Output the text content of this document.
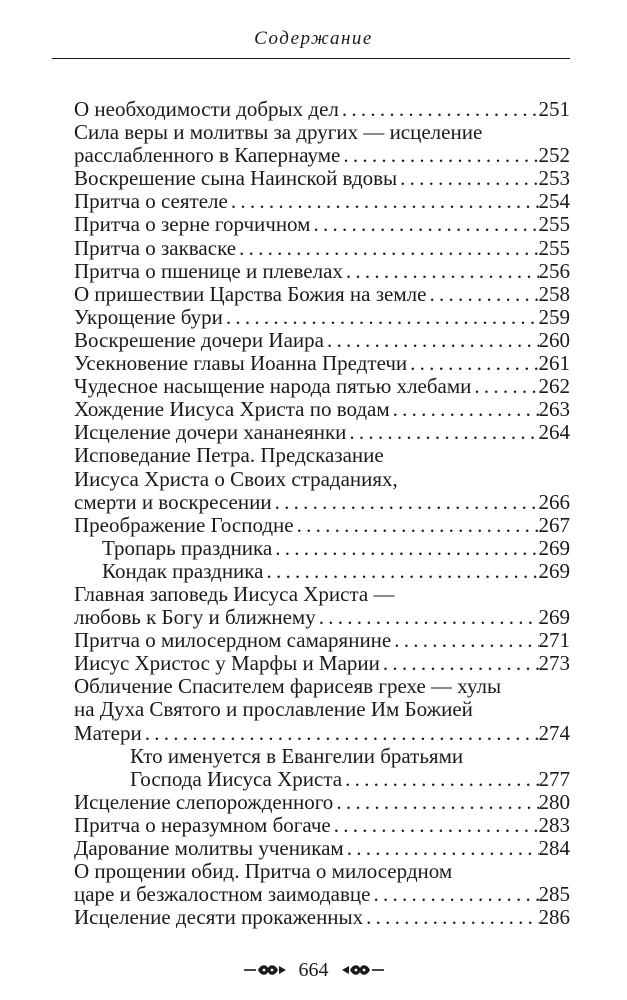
Содержание
О необходимости добрых дел . . .	251
Сила веры и молитвы за других — исцеление
расслабленного в Капернауме . . .	252
Воскрешение сына Наинской вдовы . . .	253
Притча о сеятеле . . .	254
Притча о зерне горчичном . . .	255
Притча о закваске . . .	255
Притча о пшенице и плевелах . . .	256
О пришествии Царства Божия на земле . . .	258
Укрощение бури . . .	259
Воскрешение дочери Иаира . . .	260
Усекновение главы Иоанна Предтечи . . .	261
Чудесное насыщение народа пятью хлебами . . .	262
Хождение Иисуса Христа по водам . . .	263
Исцеление дочери хананеянки . . .	264
Исповедание Петра. Предсказание
Иисуса Христа о Своих страданиях,
смерти и воскресении . . .	266
Преображение Господне . . .	267
Тропарь праздника . . .	269
Кондак праздника . . .	269
Главная заповедь Иисуса Христа —
любовь к Богу и ближнему . . .	269
Притча о милосердном самарянине . . .	271
Иисус Христос у Марфы и Марии . . .	273
Обличение Спасителем фарисеяв грехе — хулы
на Духа Святого и прославление Им Божией
Матери . . .	274
Кто именуется в Евангелии братьями
Господа Иисуса Христа . . .	277
Исцеление слепорожденного . . .	280
Притча о неразумном богаче . . .	283
Дарование молитвы ученикам . . .	284
О прощении обид. Притча о милосердном
царе и безжалостном заимодавце . . .	285
Исцеление десяти прокаженных . . .	286
664
